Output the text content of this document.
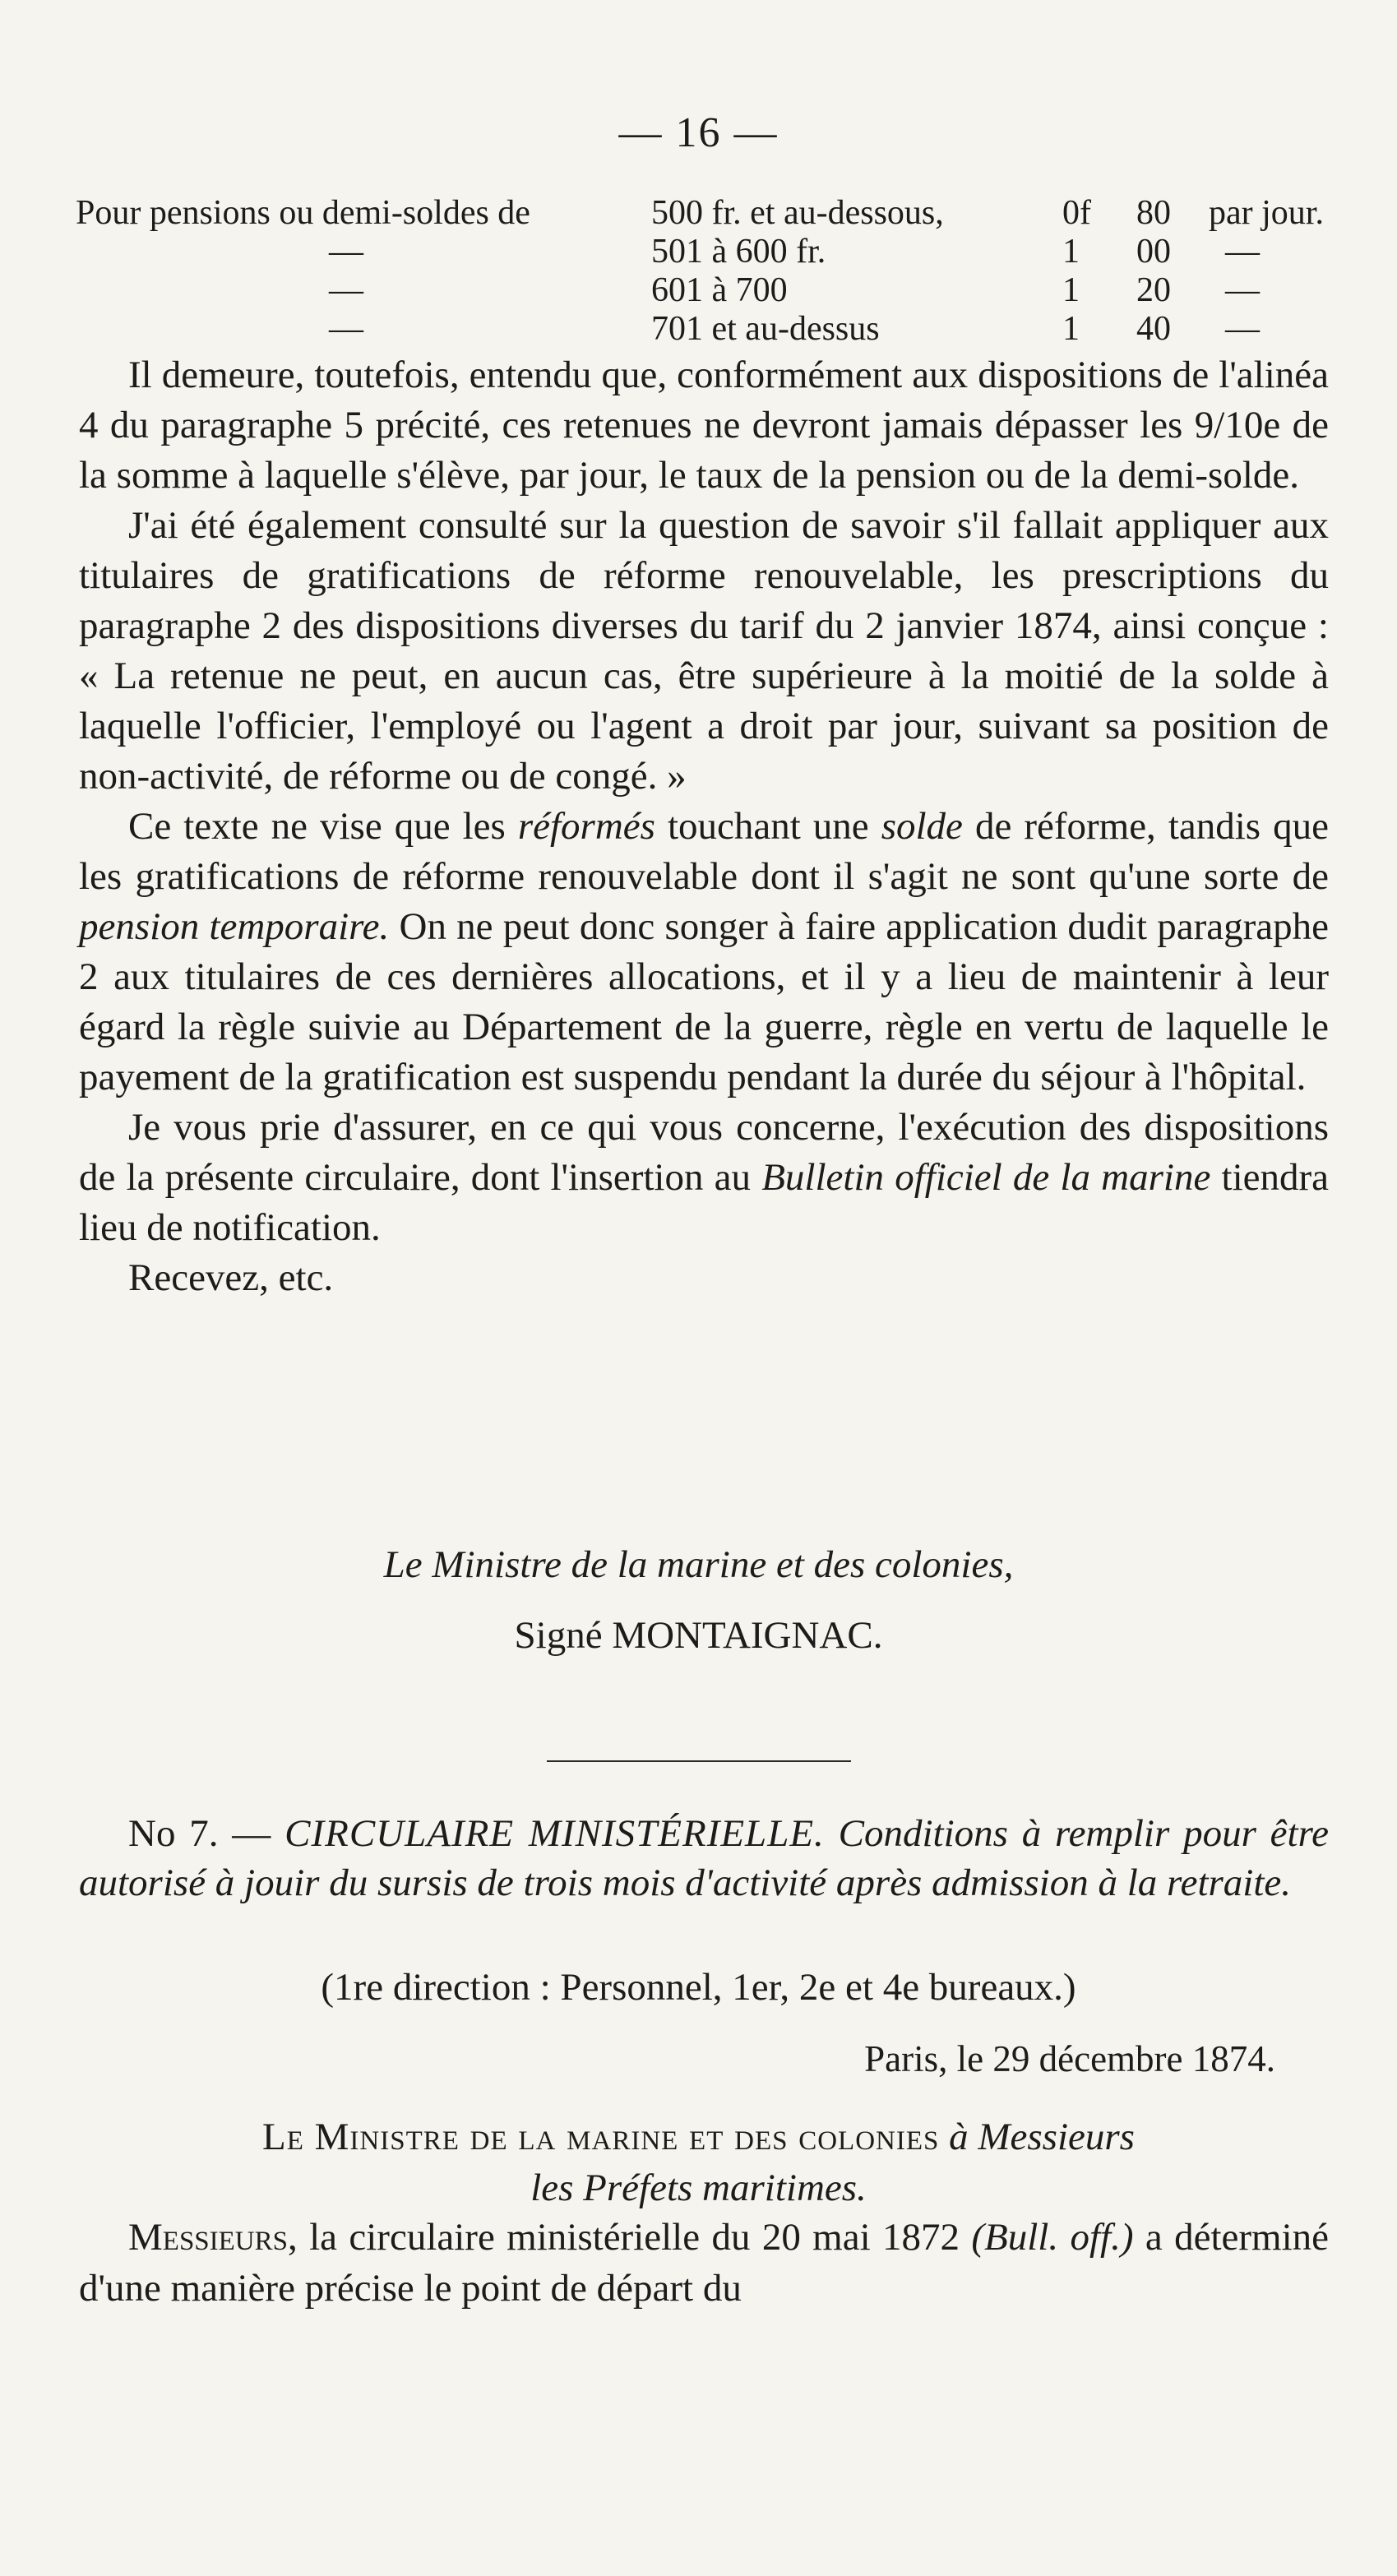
— 16 —
Pour pensions ou demi-soldes de	500 fr. et au-dessous,	0f 80 par jour.
—	501 à 600 fr.	1 00 —
—	601 à 700	1 20 —
—	701 et au-dessus	1 40 —

Il demeure, toutefois, entendu que, conformément aux dispositions de l'alinéa 4 du paragraphe 5 précité, ces retenues ne devront jamais dépasser les 9/10e de la somme à laquelle s'élève, par jour, le taux de la pension ou de la demi-solde.

J'ai été également consulté sur la question de savoir s'il fallait appliquer aux titulaires de gratifications de réforme renouvelable, les prescriptions du paragraphe 2 des dispositions diverses du tarif du 2 janvier 1874, ainsi conçue : « La retenue ne peut, en aucun cas, être supérieure à la moitié de la solde à laquelle l'officier, l'employé ou l'agent a droit par jour, suivant sa position de non-activité, de réforme ou de congé. »

Ce texte ne vise que les réformés touchant une solde de réforme, tandis que les gratifications de réforme renouvelable dont il s'agit ne sont qu'une sorte de pension temporaire. On ne peut donc songer à faire application dudit paragraphe 2 aux titulaires de ces dernières allocations, et il y a lieu de maintenir à leur égard la règle suivie au Département de la guerre, règle en vertu de laquelle le payement de la gratification est suspendu pendant la durée du séjour à l'hôpital.

Je vous prie d'assurer, en ce qui vous concerne, l'exécution des dispositions de la présente circulaire, dont l'insertion au Bulletin officiel de la marine tiendra lieu de notification.

Recevez, etc.

Le Ministre de la marine et des colonies,
Signé MONTAIGNAC.

No 7. — CIRCULAIRE MINISTÉRIELLE. Conditions à remplir pour être autorisé à jouir du sursis de trois mois d'activité après admission à la retraite.

(1re direction : Personnel, 1er, 2e et 4e bureaux.)
Paris, le 29 décembre 1874.
Le Ministre de la marine et des colonies à Messieurs
les Préfets maritimes.

Messieurs, la circulaire ministérielle du 20 mai 1872 (Bull. off.) a déterminé d'une manière précise le point de départ du
